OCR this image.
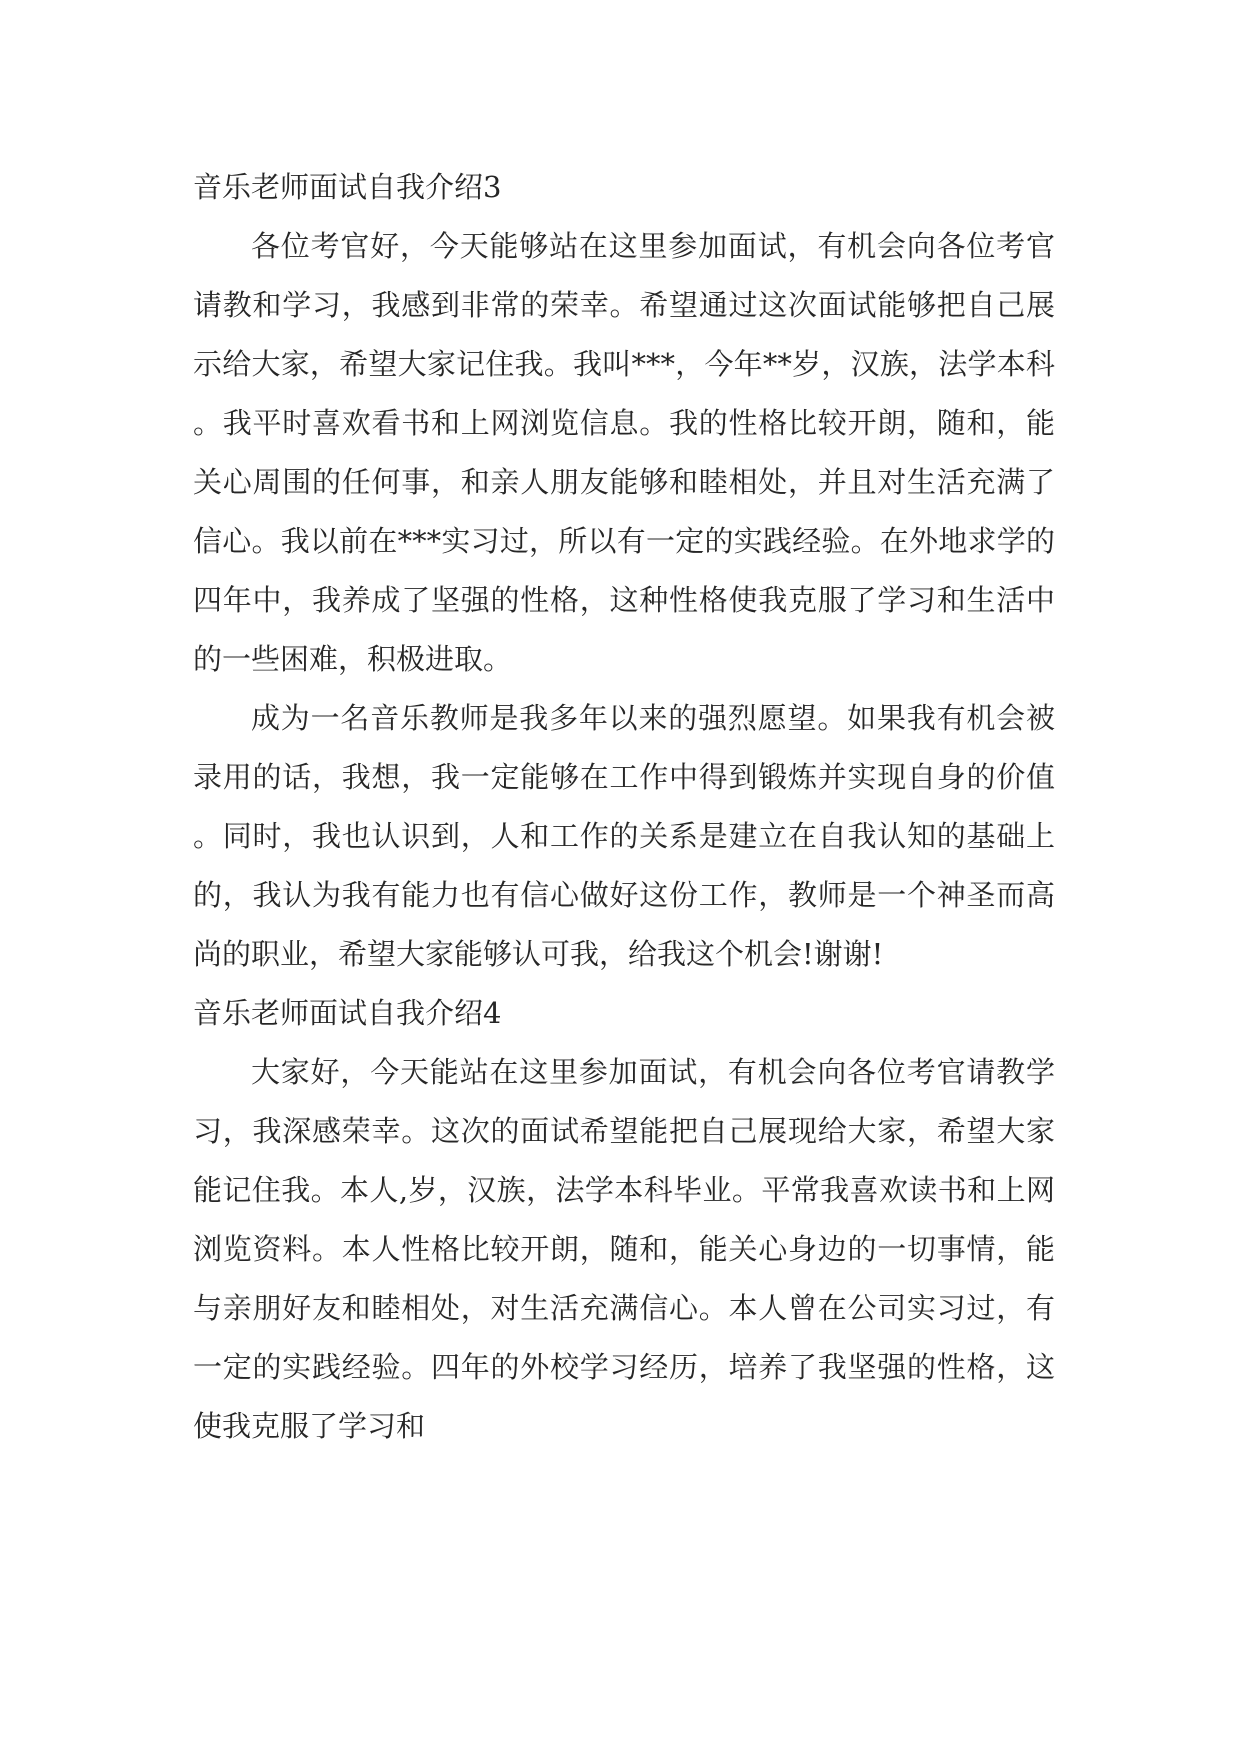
音乐老师面试自我介绍3

各位考官好，今天能够站在这里参加面试，有机会向各位考官请教和学习，我感到非常的荣幸。希望通过这次面试能够把自己展示给大家，希望大家记住我。我叫***，今年**岁，汉族，法学本科。我平时喜欢看书和上网浏览信息。我的性格比较开朗，随和，能关心周围的任何事，和亲人朋友能够和睦相处，并且对生活充满了信心。我以前在***实习过，所以有一定的实践经验。在外地求学的四年中，我养成了坚强的性格，这种性格使我克服了学习和生活中的一些困难，积极进取。

成为一名音乐教师是我多年以来的强烈愿望。如果我有机会被录用的话，我想，我一定能够在工作中得到锻炼并实现自身的价值。同时，我也认识到，人和工作的关系是建立在自我认知的基础上的，我认为我有能力也有信心做好这份工作，教师是一个神圣而高尚的职业，希望大家能够认可我，给我这个机会!谢谢!

音乐老师面试自我介绍4

大家好，今天能站在这里参加面试，有机会向各位考官请教学习，我深感荣幸。这次的面试希望能把自己展现给大家，希望大家能记住我。本人,岁，汉族，法学本科毕业。平常我喜欢读书和上网浏览资料。本人性格比较开朗，随和，能关心身边的一切事情，能与亲朋好友和睦相处，对生活充满信心。本人曾在公司实习过，有一定的实践经验。四年的外校学习经历，培养了我坚强的性格，这使我克服了学习和
